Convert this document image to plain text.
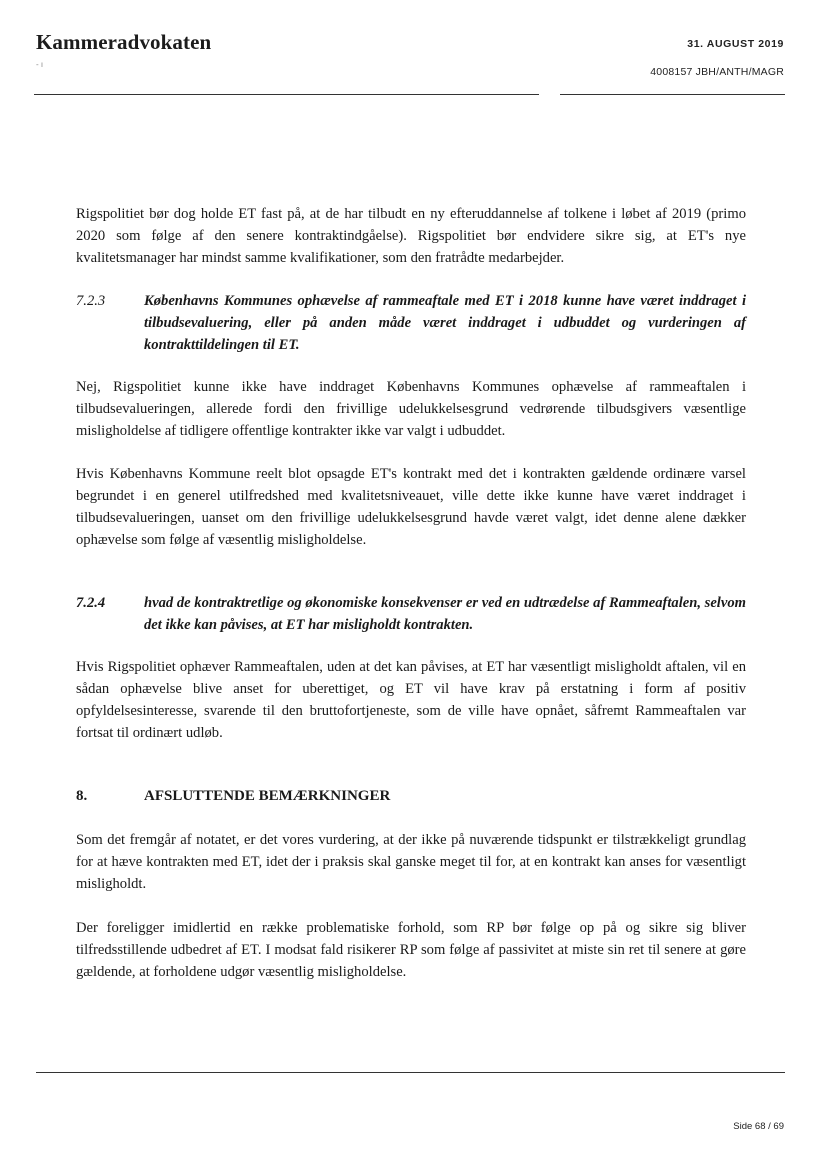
Kammeradvokaten
- ı
31. AUGUST 2019
4008157 JBH/ANTH/MAGR

Rigspolitiet bør dog holde ET fast på, at de har tilbudt en ny efteruddannelse af tolkene i løbet af 2019 (primo 2020 som følge af den senere kontraktindgåelse). Rigspolitiet bør endvidere sikre sig, at ET's nye kvalitetsmanager har mindst samme kvalifikationer, som den fratrådte medarbejder.

7.2.3	Københavns Kommunes ophævelse af rammeaftale med ET i 2018 kunne have været inddraget i tilbudsevaluering, eller på anden måde været inddraget i udbuddet og vurderingen af kontrakttildelingen til ET.

Nej, Rigspolitiet kunne ikke have inddraget Københavns Kommunes ophævelse af rammeaftalen i tilbudsevalueringen, allerede fordi den frivillige udelukkelsesgrund vedrørende tilbudsgivers væsentlige misligholdelse af tidligere offentlige kontrakter ikke var valgt i udbuddet.

Hvis Københavns Kommune reelt blot opsagde ET's kontrakt med det i kontrakten gældende ordinære varsel begrundet i en generel utilfredshed med kvalitetsniveauet, ville dette ikke kunne have været inddraget i tilbudsevalueringen, uanset om den frivillige udelukkelsesgrund havde været valgt, idet denne alene dækker ophævelse som følge af væsentlig misligholdelse.

7.2.4	hvad de kontraktretlige og økonomiske konsekvenser er ved en udtrædelse af Rammeaftalen, selvom det ikke kan påvises, at ET har misligholdt kontrakten.

Hvis Rigspolitiet ophæver Rammeaftalen, uden at det kan påvises, at ET har væsentligt misligholdt aftalen, vil en sådan ophævelse blive anset for uberettiget, og ET vil have krav på erstatning i form af positiv opfyldelsesinteresse, svarende til den bruttofortjeneste, som de ville have opnået, såfremt Rammeaftalen var fortsat til ordinært udløb.

8.	AFSLUTTENDE BEMÆRKNINGER

Som det fremgår af notatet, er det vores vurdering, at der ikke på nuværende tidspunkt er tilstrækkeligt grundlag for at hæve kontrakten med ET, idet der i praksis skal ganske meget til for, at en kontrakt kan anses for væsentligt misligholdt.

Der foreligger imidlertid en række problematiske forhold, som RP bør følge op på og sikre sig bliver tilfredsstillende udbedret af ET. I modsat fald risikerer RP som følge af passivitet at miste sin ret til senere at gøre gældende, at forholdene udgør væsentlig misligholdelse.

Side 68 / 69
